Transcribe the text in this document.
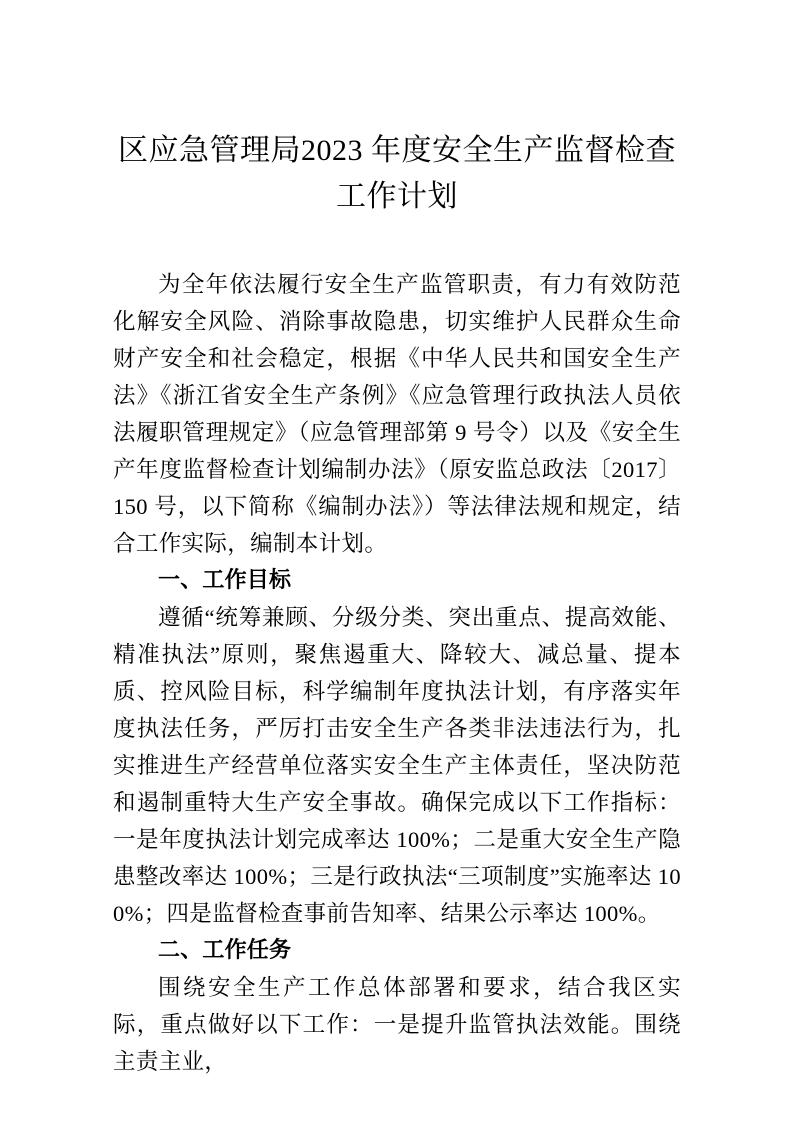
区应急管理局2023 年度安全生产监督检查工作计划

为全年依法履行安全生产监管职责，有力有效防范化解安全风险、消除事故隐患，切实维护人民群众生命财产安全和社会稳定，根据《中华人民共和国安全生产法》《浙江省安全生产条例》《应急管理行政执法人员依法履职管理规定》（应急管理部第 9 号令）以及《安全生产年度监督检查计划编制办法》（原安监总政法〔2017〕150 号，以下简称《编制办法》）等法律法规和规定，结合工作实际，编制本计划。

一、工作目标

遵循“统筹兼顾、分级分类、突出重点、提高效能、精准执法”原则，聚焦遏重大、降较大、减总量、提本质、控风险目标，科学编制年度执法计划，有序落实年度执法任务，严厉打击安全生产各类非法违法行为，扎实推进生产经营单位落实安全生产主体责任，坚决防范和遏制重特大生产安全事故。确保完成以下工作指标：一是年度执法计划完成率达 100%；二是重大安全生产隐患整改率达 100%；三是行政执法“三项制度”实施率达 100%；四是监督检查事前告知率、结果公示率达 100%。

二、工作任务

围绕安全生产工作总体部署和要求，结合我区实际，重点做好以下工作：一是提升监管执法效能。围绕主责主业，
